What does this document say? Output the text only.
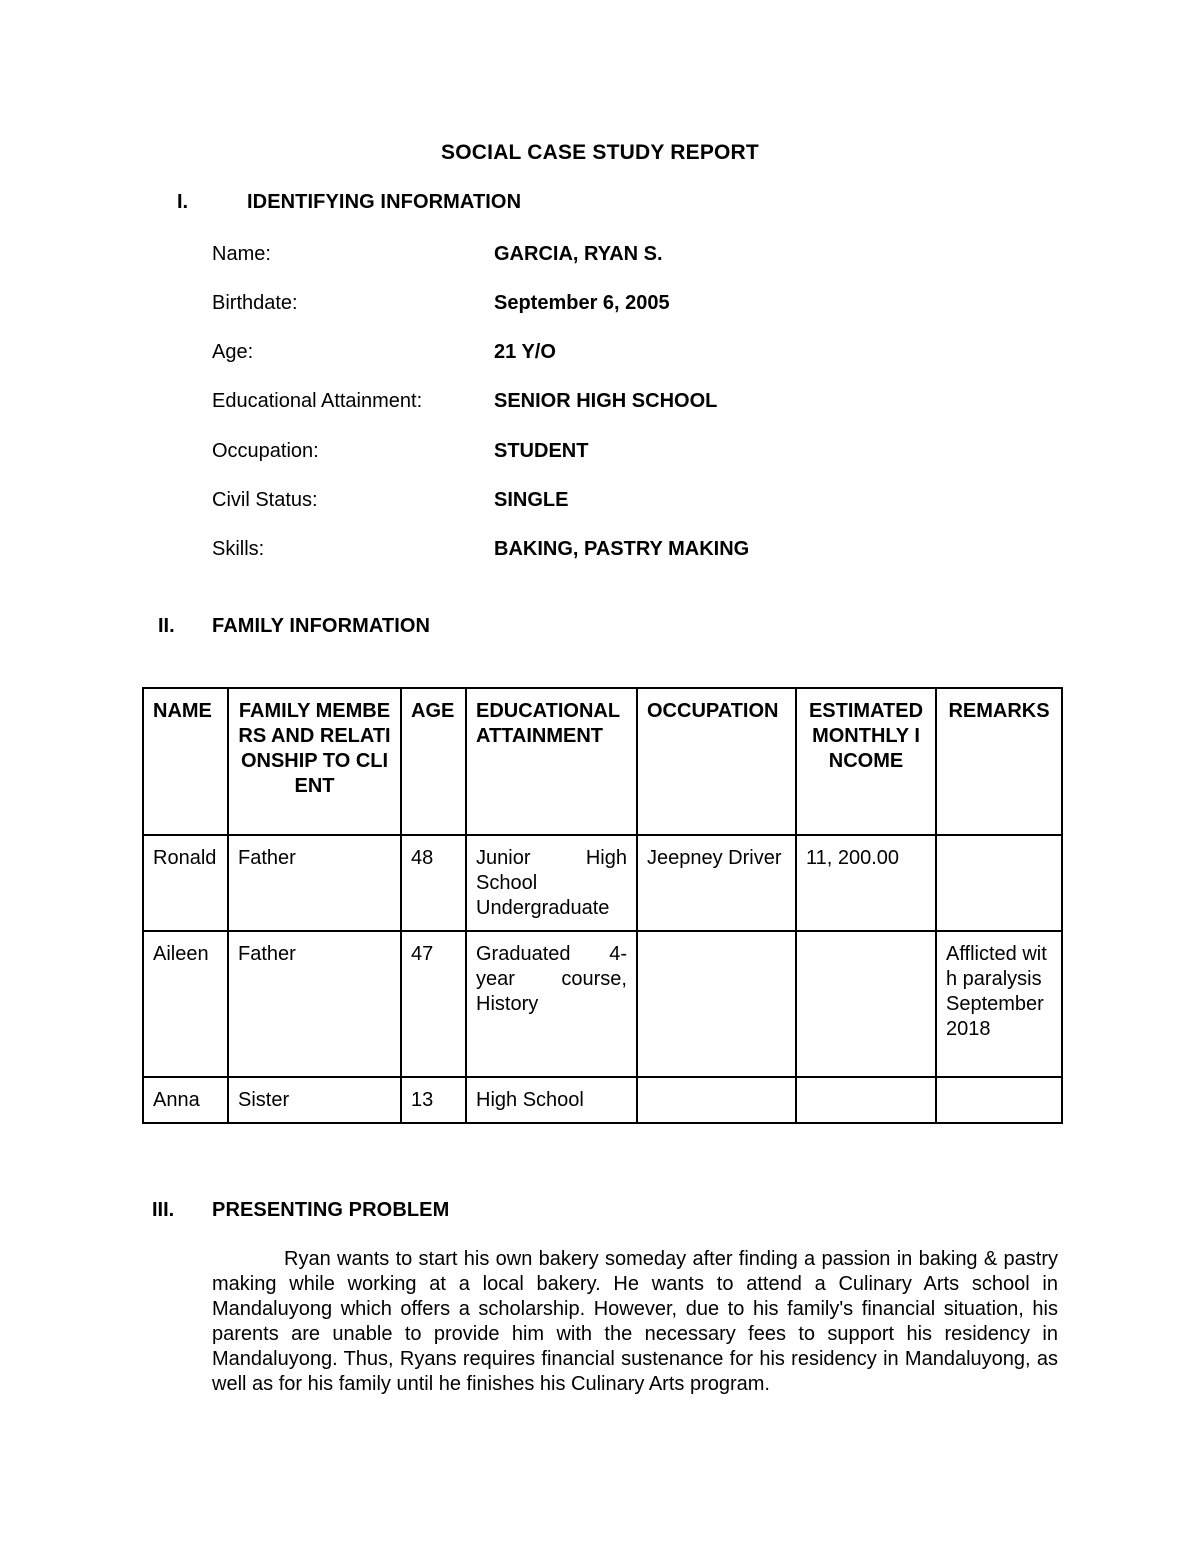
SOCIAL CASE STUDY REPORT
I.	IDENTIFYING INFORMATION
Name:	GARCIA, RYAN S.
Birthdate:	September 6, 2005
Age:	21 Y/O
Educational Attainment:	SENIOR HIGH SCHOOL
Occupation:	STUDENT
Civil Status:	SINGLE
Skills:	BAKING, PASTRY MAKING
II. FAMILY INFORMATION
NAME	FAMILY MEMBERS AND RELATIONSHIP TO CLIENT	AGE	EDUCATIONAL ATTAINMENT	OCCUPATION	ESTIMATED MONTHLY INCOME	REMARKS
Ronald	Father	48	Junior High School Undergraduate	Jeepney Driver	11, 200.00	
Aileen	Father	47	Graduated 4-year course, History			Afflicted with paralysis September 2018
Anna	Sister	13	High School			
III. PRESENTING PROBLEM
Ryan wants to start his own bakery someday after finding a passion in baking & pastry making while working at a local bakery. He wants to attend a Culinary Arts school in Mandaluyong which offers a scholarship. However, due to his family's financial situation, his parents are unable to provide him with the necessary fees to support his residency in Mandaluyong. Thus, Ryans requires financial sustenance for his residency in Mandaluyong, as well as for his family until he finishes his Culinary Arts program.
